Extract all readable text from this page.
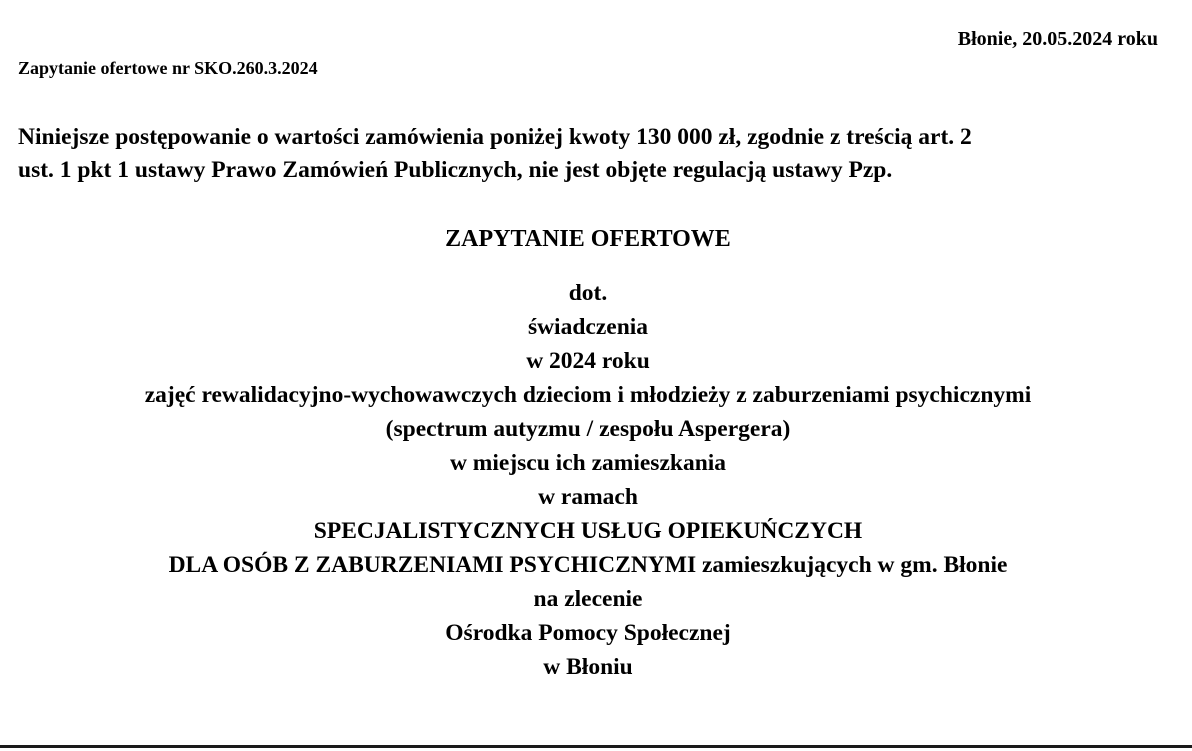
Błonie, 20.05.2024 roku
Zapytanie ofertowe nr SKO.260.3.2024
Niniejsze postępowanie o wartości zamówienia poniżej kwoty 130 000 zł, zgodnie z treścią art. 2
ust. 1 pkt 1 ustawy Prawo Zamówień Publicznych, nie jest objęte regulacją ustawy Pzp.
ZAPYTANIE OFERTOWE
dot.
świadczenia
w 2024 roku
zajęć rewalidacyjno-wychowawczych dzieciom i młodzieży z zaburzeniami psychicznymi
(spectrum autyzmu / zespołu Aspergera)
w miejscu ich zamieszkania
w ramach
SPECJALISTYCZNYCH USŁUG OPIEKUŃCZYCH
DLA OSÓB Z ZABURZENIAMI PSYCHICZNYMI zamieszkujących w gm. Błonie
na zlecenie
Ośrodka Pomocy Społecznej
w Błoniu
